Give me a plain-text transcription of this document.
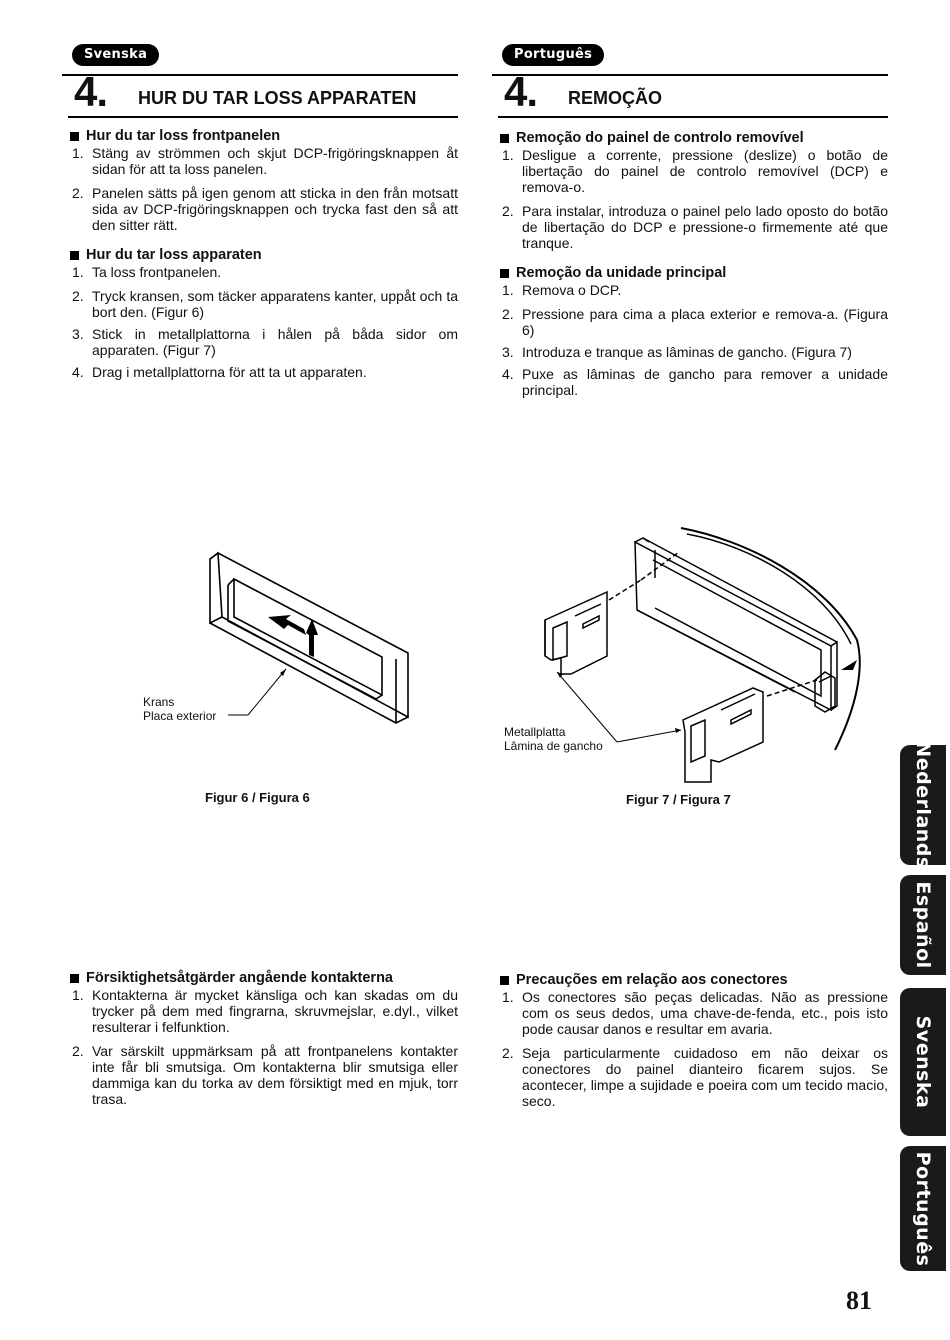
Svenska
4. HUR DU TAR LOSS APPARATEN
Hur du tar loss frontpanelen
1. Stäng av strömmen och skjut DCP-frigöringsknappen åt sidan för att ta loss panelen.
2. Panelen sätts på igen genom att sticka in den från motsatt sida av DCP-frigöringsknappen och trycka fast den så att den sitter rätt.
Hur du tar loss apparaten
1. Ta loss frontpanelen.
2. Tryck kransen, som täcker apparatens kanter, uppåt och ta bort den. (Figur 6)
3. Stick in metallplattorna i hålen på båda sidor om apparaten. (Figur 7)
4. Drag i metallplattorna för att ta ut apparaten.
Försiktighetsåtgärder angående kontakterna
1. Kontakterna är mycket känsliga och kan skadas om du trycker på dem med fingrarna, skruvmejslar, e.dyl., vilket resulterar i felfunktion.
2. Var särskilt uppmärksam på att frontpanelens kontakter inte får bli smutsiga. Om kontakterna blir smutsiga eller dammiga kan du torka av dem försiktigt med en mjuk, torr trasa.
Português
4. REMOÇÃO
Remoção do painel de controlo removível
1. Desligue a corrente, pressione (deslize) o botão de libertação do painel de controlo removível (DCP) e remova-o.
2. Para instalar, introduza o painel pelo lado oposto do botão de libertação do DCP e pressione-o firmemente até que tranque.
Remoção da unidade principal
1. Remova o DCP.
2. Pressione para cima a placa exterior e remova-a. (Figura 6)
3. Introduza e tranque as lâminas de gancho. (Figura 7)
4. Puxe as lâminas de gancho para remover a unidade principal.
Precauções em relação aos conectores
1. Os conectores são peças delicadas. Não as pressione com os seus dedos, uma chave-de-fenda, etc., pois isto pode causar danos e resultar em avaria.
2. Seja particularmente cuidadoso em não deixar os conectores do painel dianteiro ficarem sujos. Se acontecer, limpe a sujidade e poeira com um tecido macio, seco.
Krans
Placa exterior
Figur 6 / Figura 6
Metallplatta
Lâmina de gancho
Figur 7 / Figura 7	Nederlands
Español
Svenska
Português
81
